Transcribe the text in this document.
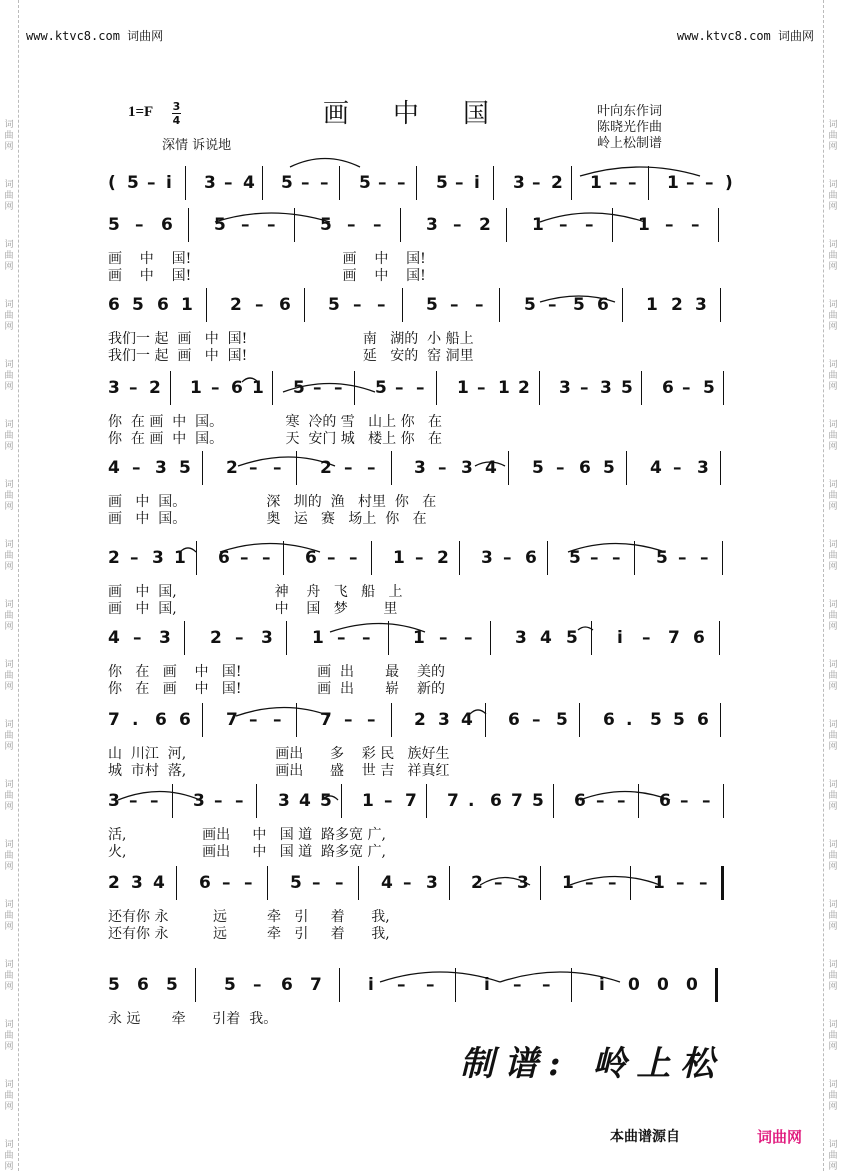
词曲网
词曲网
词曲网
词曲网
词曲网
词曲网
词曲网
词曲网
词曲网
词曲网
词曲网
词曲网
词曲网
词曲网
词曲网
词曲网
词曲网
词曲网
词曲网
词曲网
词曲网
词曲网
词曲网
词曲网
词曲网
词曲网
词曲网
词曲网
词曲网
词曲网
词曲网
词曲网
词曲网
词曲网
词曲网
词曲网
www.ktvc8.com 词曲网	www.ktvc8.com 词曲网
1=F 3
4	画中国
深情 诉说地
叶向东作词
陈晓光作曲
岭上松制谱
( 5 – i 3 – 4 5 – – 5 – – 5 – i 3 – 2 1 – – 1 – – )
5 – 6 5 – –	5 – –	3 – 2 1 – –	1 – –
画    中    国!                                  画    中    国!
画    中    国!                                  画    中    国!
6 5 6 1 2 – 6 5 – – 5 – – 5 – 5 6 1 2 3
我们一 起  画   中  国!                          南   湖的  小 船上
我们一 起  画   中  国!                          延   安的  窑 洞里
3 – 2 1 – 6 1 5 – – 5 – – 1 – 1 2 3 – 3 5 6 – 5
你  在 画  中  国。              寒  冷的 雪   山上 你   在
你  在 画  中  国。              天  安门 城   楼上 你   在
4 – 3 5 2 – – 2 – – 3 – 3 4 5 – 6 5 4 – 3
画   中  国。                  深   圳的  渔   村里  你   在
画   中  国。                  奥   运   赛   场上  你   在
2 – 3 1 6 – – 6 – – 1 – 2 3 – 6 5 – – 5 – –
画   中  国,                      神    舟   飞   船   上
画   中  国,                      中    国   梦        里
4 – 3 2 – 3 1 – –	1 – –	3 4 5 i – 7 6
你   在   画    中   国!                 画  出       最    美的
你   在   画    中   国!                 画  出       崭    新的
7 . 6 6 7 – – 7 – – 2 3 4 6 – 5 6 . 5 5 6
山  川江  河,                    画出      多    彩 民   族好生
城  市村  落,                    画出      盛    世 吉   祥真红
3 – – 3 – – 3 4 5 1 – 7 7 . 6 7 5 6 – – 6 – –
活,                 画出     中   国 道  路多宽 广,
火,                 画出     中   国 道  路多宽 广,
2 3 4 6 – – 5 – – 4 – 3 2 – 3 1 – – 1 – –
还有你 永          远         牵   引     着      我,
还有你 永          远         牵   引     着      我,
5 6 5	5 – 6 7	i – –	i – –	i 0 0 0
永 远       牵      引着  我。
制谱: 岭上松
本曲谱源自	词曲网
